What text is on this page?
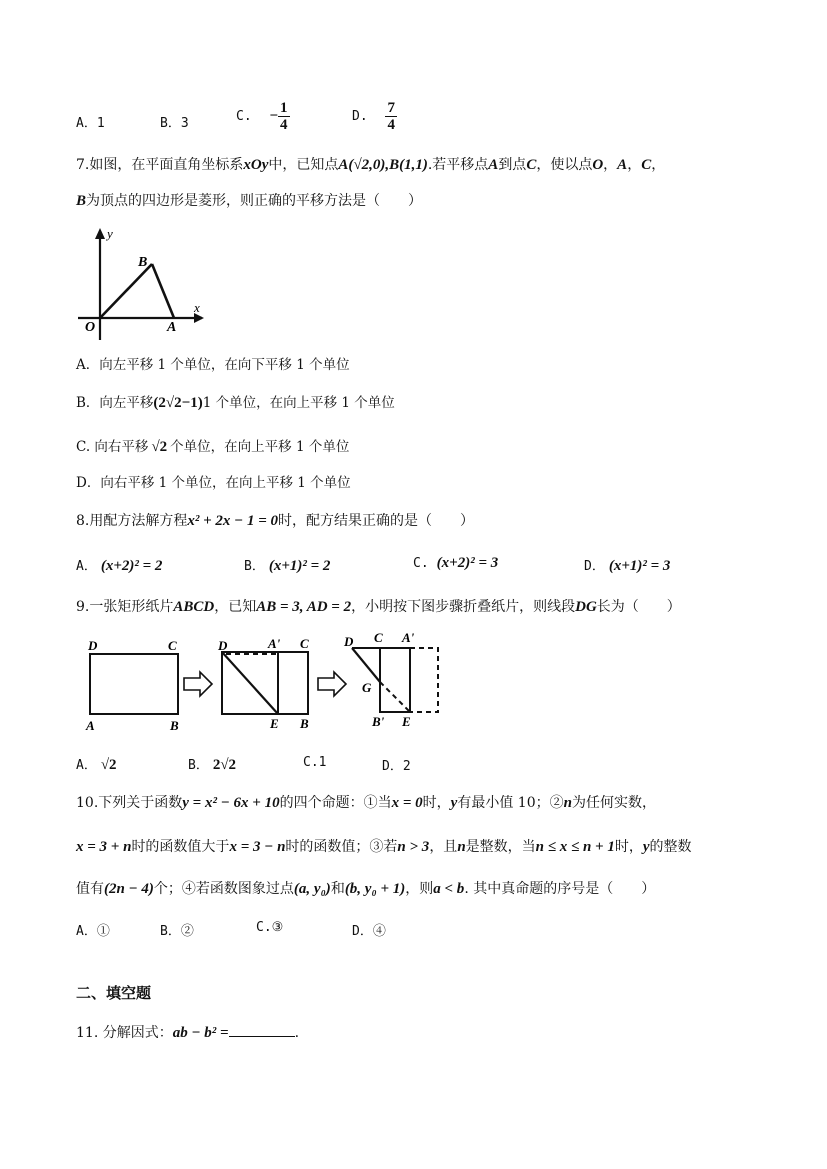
A．1	B．3	C. − $\frac{1}{4}$	D. $\frac{7}{4}$
7.如图，在平面直角坐标系xOy中，已知点A(√2,0),B(1,1).若平移点A到点C，使以点O，A，C，
B为顶点的四边形是菱形，则正确的平移方法是（　　）
y
x
O	A
B
A．向左平移 1 个单位，在向下平移 1 个单位
B．向左平移(2√2−1)1 个单位，在向上平移 1 个单位
C. 向右平移 √2 个单位，在向上平移 1 个单位
D．向右平移 1 个单位，在向上平移 1 个单位
8.用配方法解方程x² + 2x − 1 = 0时，配方结果正确的是（　　）
A． (x+2)² = 2	B． (x+1)² = 2	C. (x+2)² = 3	D． (x+1)² = 3
9.一张矩形纸片ABCD，已知AB = 3, AD = 2，小明按下图步骤折叠纸片，则线段DG长为（　　）
D	C
A	B
D	A' C
E B
D C A'
G
B' E
A． √2	B． 2√2	C.1	D．2
10.下列关于函数y = x² − 6x + 10的四个命题：①当x = 0时，y有最小值 10；②n为任何实数，
x = 3 + n时的函数值大于x = 3 − n时的函数值；③若n > 3，且n是整数，当n ≤ x ≤ n + 1时，y的整数
值有(2n − 4)个；④若函数图象过点(a, y₀)和(b, y₀ + 1)，则a < b. 其中真命题的序号是（　　）
A．①	B．②	C.③	D．④
二、填空题
11. 分解因式：ab − b² =	.
